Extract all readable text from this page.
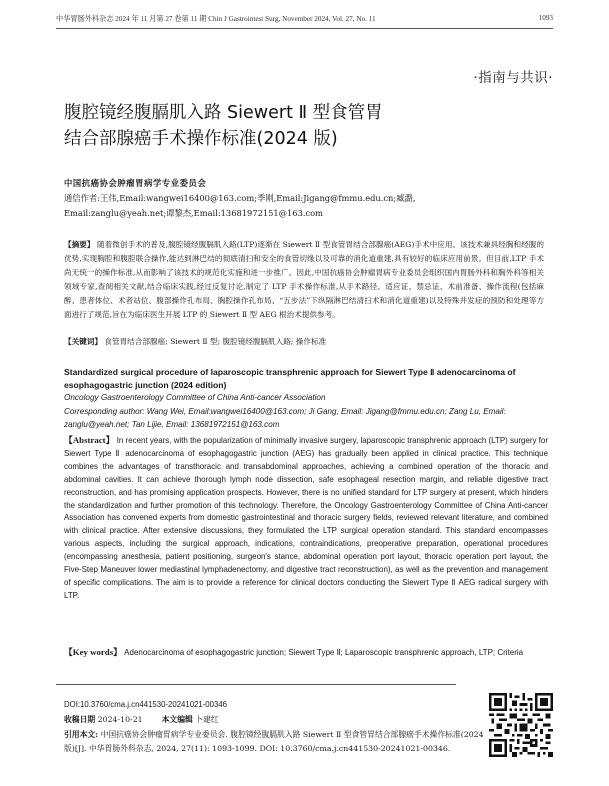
中华胃肠外科杂志 2024 年 11 月第 27 卷第 11 期 Chin J Gastrointest Surg, November 2024, Vol. 27, No. 11	1093
·指南与共识·
腹腔镜经腹膈肌入路 Siewert Ⅱ 型食管胃
结合部腺癌手术操作标准(2024 版)
中国抗癌协会肿瘤胃病学专业委员会
通信作者:王伟,Email:wangwei16400@163.com;季刚,Email:Jigang@fmmu.edu.cn;臧潞,
Email:zanglu@yeah.net;谭黎杰,Email:13681972151@163.com
【摘要】 随着微创手术的普及,腹腔镜经腹膈肌入路(LTP)逐渐在 Siewert Ⅱ 型食管胃结合部腺癌(AEG)手术中应用。该技术兼具经胸和经腹的优势,实现胸腔和腹腔联合操作,能达到淋巴结的彻底清扫和安全的食管切缘以及可靠的消化道重建,具有较好的临床应用前景。但目前,LTP 手术尚无统一的操作标准,从而影响了该技术的规范化实施和进一步推广。因此,中国抗癌协会肿瘤胃病专业委员会组织国内胃肠外科和胸外科等相关领域专家,查阅相关文献,结合临床实践,经过反复讨论,制定了 LTP 手术操作标准,从手术路径、适应证、禁忌证、术前准备、操作流程(包括麻醉、患者体位、术者站位、腹部操作孔布局、胸腔操作孔布局、“五步法”下纵隔淋巴结清扫术和消化道重建)以及特殊并发症的预防和处理等方面进行了规范,旨在为临床医生开展 LTP 的 Siewert Ⅱ 型 AEG 根治术提供参考。
【关键词】 食管胃结合部腺癌; Siewert Ⅱ 型; 腹腔镜经腹膈肌入路; 操作标准
Standardized surgical procedure of laparoscopic transphrenic approach for Siewert Type Ⅱ adenocarcinoma of esophagogastric junction (2024 edition)
Oncology Gastroenterology Committee of China Anti-cancer Association
Corresponding author: Wang Wei, Email:wangwei16400@163.com; Ji Gang, Email: Jigang@fmmu.edu.cn; Zang Lu, Email: zanglu@yeah.net; Tan Lijie, Email: 13681972151@163.com
【Abstract】 In recent years, with the popularization of minimally invasive surgery, laparoscopic transphrenic approach (LTP) surgery for Siewert Type Ⅱ adenocarcinoma of esophagogastric junction (AEG) has gradually been applied in clinical practice. This technique combines the advantages of transthoracic and transabdominal approaches, achieving a combined operation of the thoracic and abdominal cavities. It can achieve thorough lymph node dissection, safe esophageal resection margin, and reliable digestive tract reconstruction, and has promising application prospects. However, there is no unified standard for LTP surgery at present, which hinders the standardization and further promotion of this technology. Therefore, the Oncology Gastroenterology Committee of China Anti-cancer Association has convened experts from domestic gastrointestinal and thoracic surgery fields, reviewed relevant literature, and combined with clinical practice. After extensive discussions, they formulated the LTP surgical operation standard. This standard encompasses various aspects, including the surgical approach, indications, contraindications, preoperative preparation, operational procedures (encompassing anesthesia, patient positioning, surgeon's stance, abdominal operation port layout, thoracic operation port layout, the Five-Step Maneuver lower mediastinal lymphadenectomy, and digestive tract reconstruction), as well as the prevention and management of specific complications. The aim is to provide a reference for clinical doctors conducting the Siewert Type Ⅱ AEG radical surgery with LTP.
【Key words】 Adenocarcinoma of esophagogastric junction; Siewert Type Ⅱ; Laparoscopic transphrenic approach, LTP; Criteria
DOI:10.3760/cma.j.cn441530-20241021-00346
收稿日期 2024-10-21 本文编辑 卜建红
引用本文: 中国抗癌协会肿瘤胃病学专业委员会. 腹腔镜经腹膈肌入路 Siewert Ⅱ 型食管胃结合部腺癌手术操作标准(2024 版)[J]. 中华胃肠外科杂志, 2024, 27(11): 1093-1099. DOI: 10.3760/cma.j.cn441530-20241021-00346.
